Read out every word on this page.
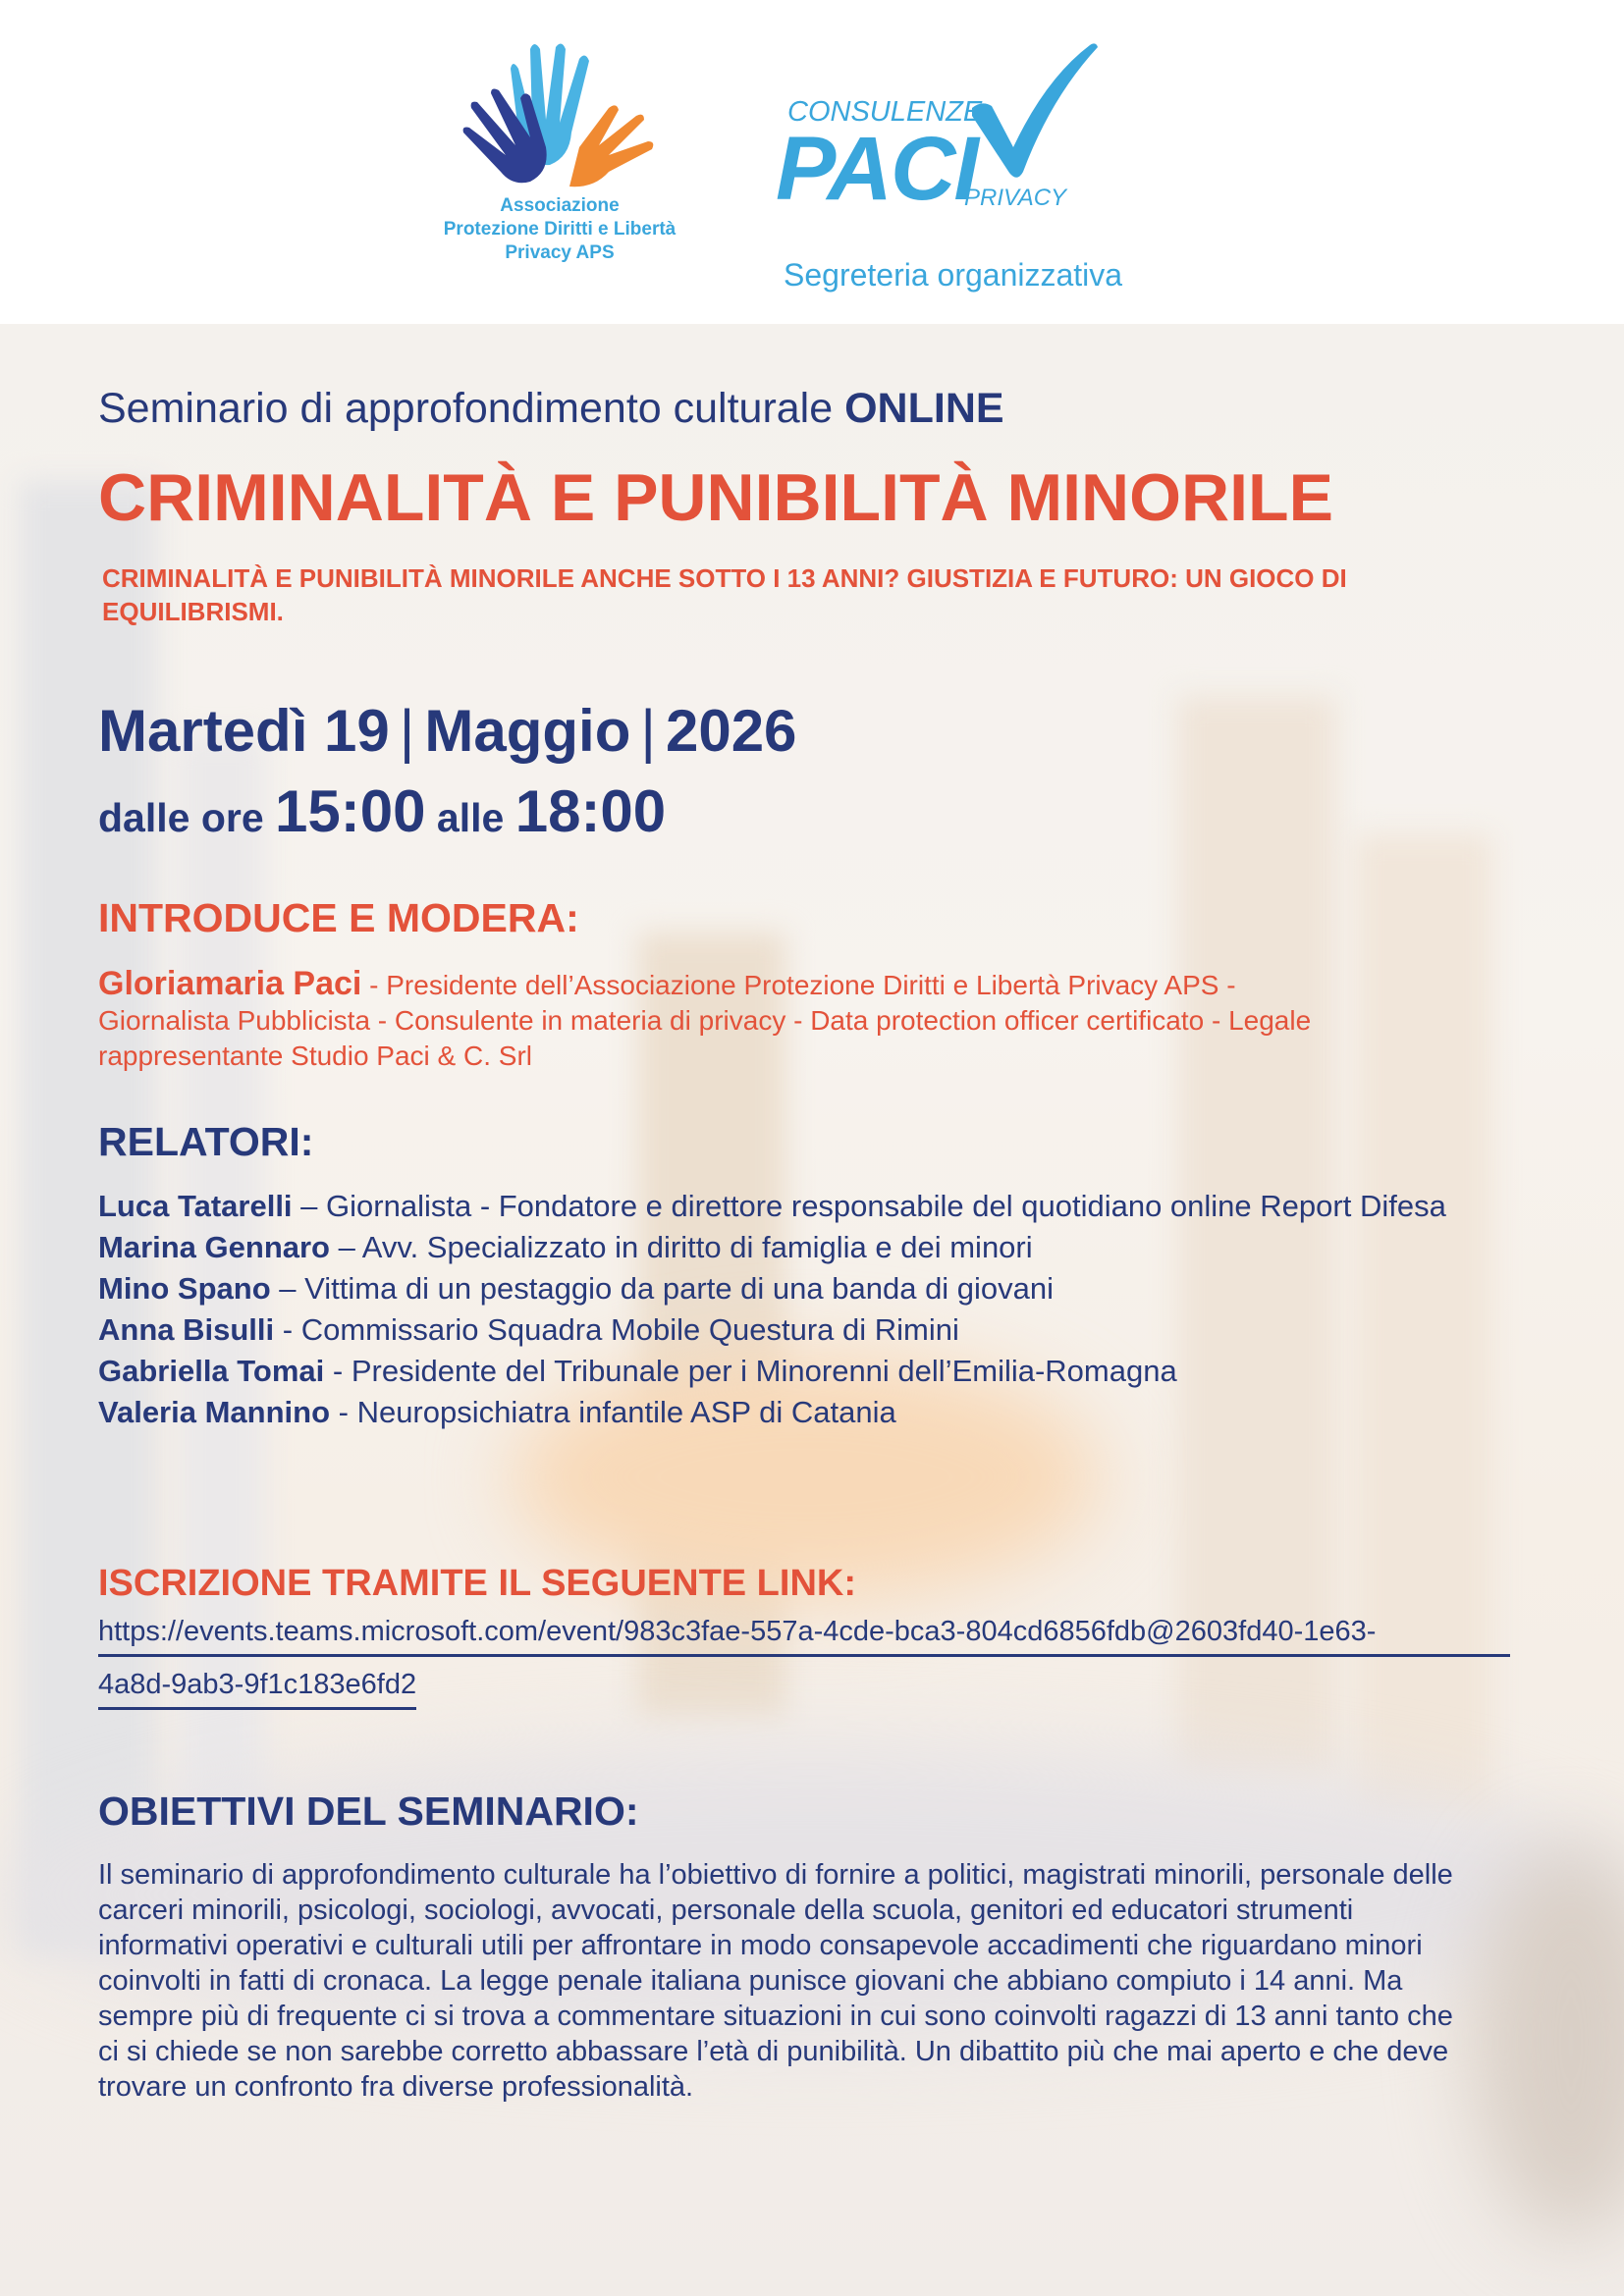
Associazione
Protezione Diritti e Libertà
Privacy APS
CONSULENZE
PACI
PRIVACY
Segreteria organizzativa
Seminario di approfondimento culturale ONLINE
CRIMINALITÀ E PUNIBILITÀ MINORILE
CRIMINALITÀ E PUNIBILITÀ MINORILE ANCHE SOTTO I 13 ANNI? GIUSTIZIA E FUTURO: UN GIOCO DI EQUILIBRISMI.
Martedì 19 | Maggio | 2026
dalle ore 15:00 alle 18:00
INTRODUCE E MODERA:
Gloriamaria Paci - Presidente dell’Associazione Protezione Diritti e Libertà Privacy APS - Giornalista Pubblicista - Consulente in materia di privacy - Data protection officer certificato - Legale rappresentante Studio Paci & C. Srl
RELATORI:
Luca Tatarelli – Giornalista - Fondatore e direttore responsabile del quotidiano online Report Difesa
Marina Gennaro – Avv. Specializzato in diritto di famiglia e dei minori
Mino Spano – Vittima di un pestaggio da parte di una banda di giovani
Anna Bisulli - Commissario Squadra Mobile Questura di Rimini
Gabriella Tomai - Presidente del Tribunale per i Minorenni dell’Emilia-Romagna
Valeria Mannino - Neuropsichiatra infantile ASP di Catania
ISCRIZIONE TRAMITE IL SEGUENTE LINK:
https://events.teams.microsoft.com/event/983c3fae-557a-4cde-bca3-804cd6856fdb@2603fd40-1e63-
4a8d-9ab3-9f1c183e6fd2
OBIETTIVI DEL SEMINARIO:
Il seminario di approfondimento culturale ha l’obiettivo di fornire a politici, magistrati minorili, personale delle carceri minorili, psicologi, sociologi, avvocati, personale della scuola, genitori ed educatori strumenti informativi operativi e culturali utili per affrontare in modo consapevole accadimenti che riguardano minori coinvolti in fatti di cronaca. La legge penale italiana punisce giovani che abbiano compiuto i 14 anni. Ma sempre più di frequente ci si trova a commentare situazioni in cui sono coinvolti ragazzi di 13 anni tanto che ci si chiede se non sarebbe corretto abbassare l’età di punibilità. Un dibattito più che mai aperto e che deve trovare un confronto fra diverse professionalità.
